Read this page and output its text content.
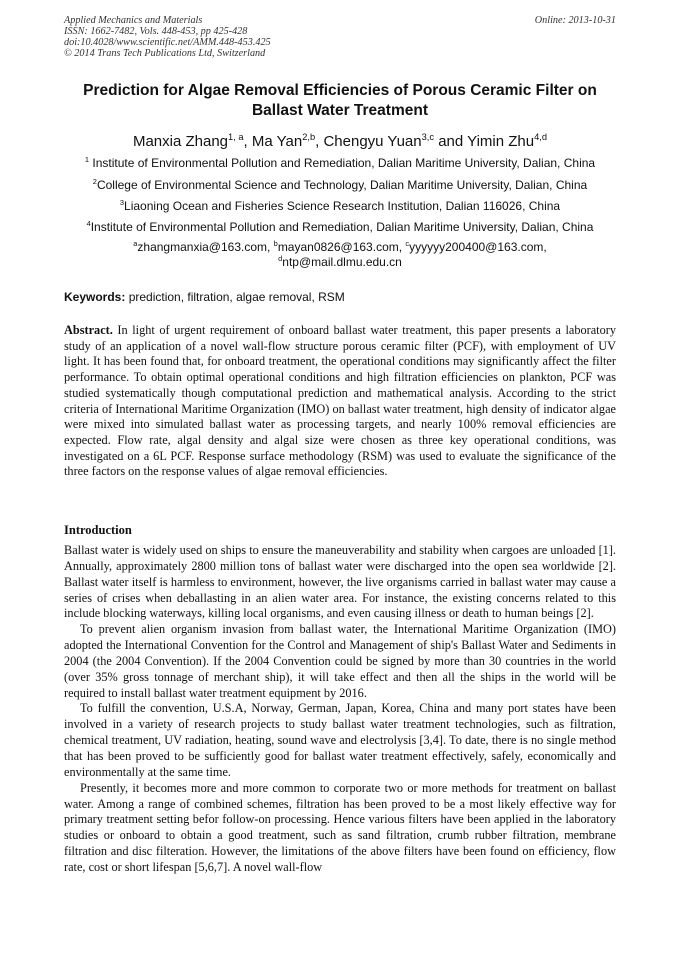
Applied Mechanics and Materials
ISSN: 1662-7482, Vols. 448-453, pp 425-428
doi:10.4028/www.scientific.net/AMM.448-453.425
© 2014 Trans Tech Publications Ltd, Switzerland
Online: 2013-10-31
Prediction for Algae Removal Efficiencies of Porous Ceramic Filter on Ballast Water Treatment
Manxia Zhang$^{1, a}$, Ma Yan$^{2,b}$, Chengyu Yuan$^{3,c}$ and Yimin Zhu$^{4,d}$
$^1$ Institute of Environmental Pollution and Remediation, Dalian Maritime University, Dalian, China
$^2$College of Environmental Science and Technology, Dalian Maritime University, Dalian, China
$^3$Liaoning Ocean and Fisheries Science Research Institution, Dalian 116026, China
$^4$Institute of Environmental Pollution and Remediation, Dalian Maritime University, Dalian, China
$^a$zhangmanxia@163.com, $^b$mayan0826@163.com, $^c$yyyyyy200400@163.com,
$^d$ntp@mail.dlmu.edu.cn
Keywords: prediction, filtration, algae removal, RSM
Abstract. In light of urgent requirement of onboard ballast water treatment, this paper presents a laboratory study of an application of a novel wall-flow structure porous ceramic filter (PCF), with employment of UV light. It has been found that, for onboard treatment, the operational conditions may significantly affect the filter performance. To obtain optimal operational conditions and high filtration efficiencies on plankton, PCF was studied systematically though computational prediction and mathematical analysis. According to the strict criteria of International Maritime Organization (IMO) on ballast water treatment, high density of indicator algae were mixed into simulated ballast water as processing targets, and nearly 100% removal efficiencies are expected. Flow rate, algal density and algal size were chosen as three key operational conditions, was investigated on a 6L PCF. Response surface methodology (RSM) was used to evaluate the significance of the three factors on the response values of algae removal efficiencies.
Introduction

Ballast water is widely used on ships to ensure the maneuverability and stability when cargoes are unloaded [1]. Annually, approximately 2800 million tons of ballast water were discharged into the open sea worldwide [2]. Ballast water itself is harmless to environment, however, the live organisms carried in ballast water may cause a series of crises when deballasting in an alien water area. For instance, the existing concerns related to this include blocking waterways, killing local organisms, and even causing illness or death to human beings [2].

To prevent alien organism invasion from ballast water, the International Maritime Organization (IMO) adopted the International Convention for the Control and Management of ship's Ballast Water and Sediments in 2004 (the 2004 Convention). If the 2004 Convention could be signed by more than 30 countries in the world (over 35% gross tonnage of merchant ship), it will take effect and then all the ships in the world will be required to install ballast water treatment equipment by 2016.

To fulfill the convention, U.S.A, Norway, German, Japan, Korea, China and many port states have been involved in a variety of research projects to study ballast water treatment technologies, such as filtration, chemical treatment, UV radiation, heating, sound wave and electrolysis [3,4]. To date, there is no single method that has been proved to be sufficiently good for ballast water treatment effectively, safely, economically and environmentally at the same time.

Presently, it becomes more and more common to corporate two or more methods for treatment on ballast water. Among a range of combined schemes, filtration has been proved to be a most likely effective way for primary treatment setting befor follow-on processing. Hence various filters have been applied in the laboratory studies or onboard to obtain a good treatment, such as sand filtration, crumb rubber filtration, membrane filtration and disc filteration. However, the limitations of the above filters have been found on efficiency, flow rate, cost or short lifespan [5,6,7]. A novel wall-flow
